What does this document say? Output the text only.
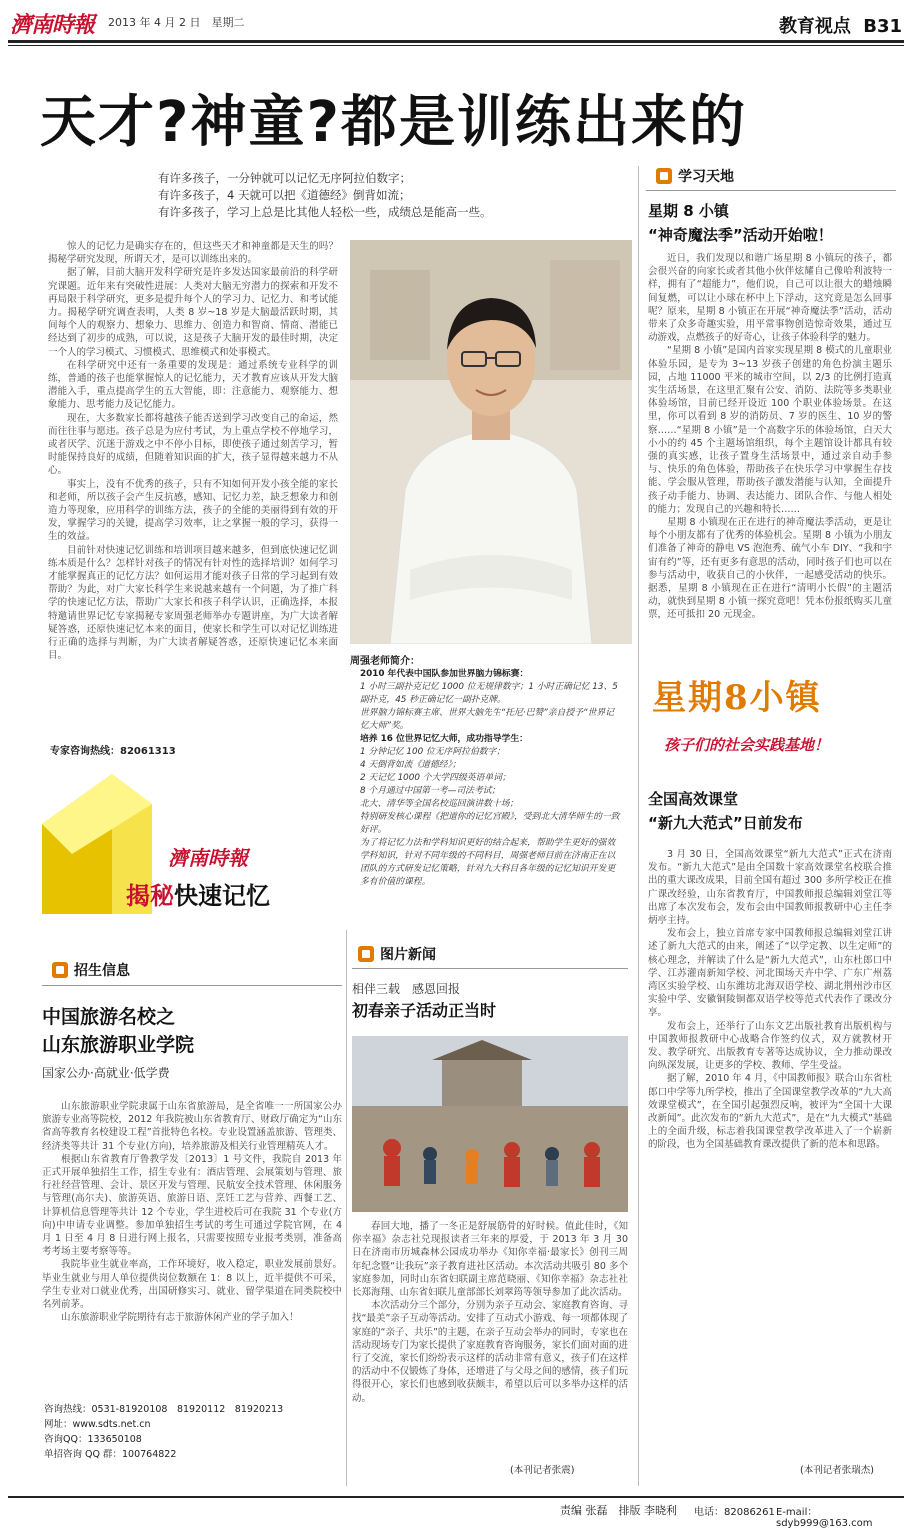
濟南時報	2013 年 4 月 2 日　星期二	教育视点 B31
天才?神童?都是训练出来的
有许多孩子，一分钟就可以记忆无序阿拉伯数字；
有许多孩子，4 天就可以把《道德经》倒背如流；
有许多孩子，学习上总是比其他人轻松一些，成绩总是能高一些。

惊人的记忆力是确实存在的，但这些天才和神童都是天生的吗？揭秘学研究发现，所谓天才，是可以训练出来的。

据了解，目前大脑开发科学研究是许多发达国家最前沿的科学研究课题。近年来有突破性进展：人类对大脑无穷潜力的探索和开发不再局限于科学研究，更多是提升每个人的学习力、记忆力、和考试能力。揭秘学研究调查表明，人类 8 岁~18 岁是大脑最活跃时期，其间每个人的观察力、想象力、思维力、创造力和智商、情商、潜能已经达到了初步的成熟，可以说，这是孩子大脑开发的最佳时期，决定一个人的学习模式、习惯模式、思维模式和处事模式。

在科学研究中还有一条重要的发现是：通过系统专业科学的训练，普通的孩子也能掌握惊人的记忆能力，天才教育应该从开发大脑潜能入手，重点提高学生的五大智能，即：注意能力、观察能力、想象能力、思考能力及记忆能力。

现在，大多数家长都将越孩子能否送到学习改变自己的命运，然而往往事与愿违。孩子总是为应付考试，为上重点学校不停地学习，或者厌学、沉迷于游戏之中不停小目标，即使孩子通过刻苦学习，暂时能保持良好的成绩，但随着知识面的扩大，孩子显得越来越力不从心。

事实上，没有不优秀的孩子，只有不知如何开发小孩全能的家长和老师，所以孩子会产生反抗感，感知、记忆力差，缺乏想象力和创造力等现象，应用科学的训练方法，孩子的全能的美丽得到有效的开发，掌握学习的关键，提高学习效率，让之掌握一般的学习，获得一生的效益。

目前针对快速记忆训练和培训项目越来越多，但到底快速记忆训练本质是什么？怎样针对孩子的情况有针对性的选择培训？如何学习才能掌握真正的记忆方法？如何运用才能对孩子日常的学习起到有效帮助？为此，对广大家长科学生来说越来越有一个问题，为了推广科学的快速记忆方法，帮助广大家长和孩子科学认识，正确选择，本报特邀请世界记忆专家揭秘专家周强老师举办专题讲座，为广大读者解疑答惑，还原快速记忆本来的面目，使家长和学生可以对记忆训练进行正确的选择与判断，为广大读者解疑答惑，还原快速记忆本来面目。

专家咨询热线：82061313
周强老师简介：
2010 年代表中国队参加世界脑力锦标赛：
1 小时三副扑克记忆 1000 位无规律数字；1 小时正确记忆 13、5 副扑克，45 秒正确记忆一副扑克牌。
世界脑力锦标赛主席、世界大脑先生“托尼·巴赞”亲自授予“世界记忆大师”奖。
培养 16 位世界记忆大师，成功指导学生：
1 分钟记忆 100 位无序阿拉伯数字；
4 天倒背如流《道德经》；
2 天记忆 1000 个大学四级英语单词；
8 个月通过中国第一考—司法考试；
北大、清华等全国名校巡回演讲数十场；
特别研发核心课程《把道你的记忆宫殿》，受到北大清华师生的一致好评。
为了将记忆力法和学科知识更好的结合起来，帮助学生更好的强效学科知识，针对不同年级的不同科目，周强老师目前在济南正在以团队的方式研发记忆策略，针对九大科目各年级的记忆知识开发更多有价值的课程。
濟南時報
揭秘快速记忆
招生信息
中国旅游名校之
山东旅游职业学院
国家公办·高就业·低学费

山东旅游职业学院隶属于山东省旅游局，是全省唯一一所国家公办旅游专业高等院校，2012 年我院被山东省教育厅、财政厅确定为“山东省高等教育名校建设工程”首批特色名校。专业设置涵盖旅游、管理类、经济类等共计 31 个专业(方向)，培养旅游及相关行业管理精英人才。

根据山东省教育厅鲁教学发〔2013〕1 号文件，我院自 2013 年正式开展单独招生工作，招生专业有：酒店管理、会展策划与管理、旅行社经营管理、会计、景区开发与管理、民航安全技术管理、休闲服务与管理(高尔夫)、旅游英语、旅游日语、烹饪工艺与营养、西餐工艺、计算机信息管理等共计 12 个专业，学生进校后可在我院 31 个专业(方向)中申请专业调整。参加单独招生考试的考生可通过学院官网，在 4 月 1 日至 4 月 8 日进行网上报名，只需要按照专业报考类别，准备高考考场主要考察等等。

我院毕业生就业率高，工作环境好，收入稳定，职业发展前景好。毕业生就业与用人单位提供岗位数额在 1：8 以上，近半提供不可采，学生专业对口就业优秀，出国研修实习、就业、留学渠道在同类院校中名列前茅。

山东旅游职业学院期待有志于旅游休闲产业的学子加入！

咨询热线：0531-81920108　81920112　81920213
网址：www.sdts.net.cn
咨询QQ：133650108
单招咨询 QQ 群：100764822
图片新闻
相伴三载　感恩回报
初春亲子活动正当时

春回大地，播了一冬正是舒展筋骨的好时候。值此佳时，《知你幸福》杂志社兑现报读者三年来的厚爱，于 2013 年 3 月 30 日在济南市历城森林公园成功举办《知你幸福·最家长》创刊三周年纪念暨“让我玩”亲子教育进社区活动。本次活动共吸引 80 多个家庭参加，同时山东省妇联副主席范晓丽、《知你幸福》杂志社社长郑海翔、山东省妇联儿童部部长刘翠筠等领导参加了此次活动。

本次活动分三个部分，分别为亲子互动会、家庭教育咨询、寻找“最美”亲子互动等活动。安排了互动式小游戏、每一项都体现了家庭的“亲子、共乐”的主题，在亲子互动会举办的同时，专家也在活动现场专门为家长提供了家庭教育咨询服务，家长们面对面的进行了交流，家长们纷纷表示这样的活动非常有意义，孩子们在这样的活动中不仅锻炼了身体，还增进了与父母之间的感情，孩子们玩得很开心，家长们也感到收获颇丰，希望以后可以多举办这样的活动。

(本刊记者张震)
学习天地
星期 8 小镇
“神奇魔法季”活动开始啦！

近日，我们发现以和谐广场星期 8 小镇玩的孩子，都会很兴奋的向家长或者其他小伙伴炫耀自己像哈利波特一样，拥有了“超能力”，他们说，自己可以让很大的蜡烛瞬间复燃，可以让小球在杯中上下浮动，这究竟是怎么回事呢？原来，星期 8 小镇正在开展“神奇魔法季”活动，活动带来了众多奇趣实验，用平常事物创造惊奇效果，通过互动游戏，点燃孩子的好奇心，让孩子体验科学的魅力。

“星期 8 小镇”是国内首家实现星期 8 模式的儿童职业体验乐园，是专为 3~13 岁孩子创建的角色扮演主题乐园，占地 11000 平米的城市空间，以 2/3 的比例打造真实生活场景，在这里汇聚有公安、消防、法院等多类职业体验场馆，目前已经开设近 100 个职业体验场景。在这里，你可以看到 8 岁的消防员、7 岁的医生、10 岁的警察……“星期 8 小镇”是一个高数字乐的体验场馆，白天大小小的约 45 个主题场馆组织，每个主题馆设计都具有较强的真实感，让孩子置身生活场景中，通过亲自动手参与、快乐的角色体验，帮助孩子在快乐学习中掌握生存技能、学会服从管理，帮助孩子激发潜能与认知，全面提升孩子动手能力、协调、表达能力、团队合作、与他人相处的能力；发现自己的兴趣和特长……

星期 8 小镇现在正在进行的神奇魔法季活动，更是让每个小朋友都有了优秀的体验机会。星期 8 小镇为小朋友们准备了神奇的静电 VS 泡泡秀、硫气小车 DIY、“我和宇宙有约”等，还有更多有意思的活动，同时孩子们也可以在参与活动中，收获自己的小伙伴，一起感受活动的快乐。据悉，星期 8 小镇现在正在进行“清明小长假”的主题活动，就快到星期 8 小镇一探究竟吧！凭本份报纸购买儿童票，还可抵扣 20 元现金。

星期8小镇
孩子们的社会实践基地！
全国高效课堂
“新九大范式”日前发布

3 月 30 日，全国高效课堂“新九大范式”正式在济南发布。“新九大范式”是由全国数十家高效课堂名校联合推出的重大课改成果，目前全国有超过 300 多所学校正在推广课改经验，山东省教育厅，中国教师报总编辑刘堂江等出席了本次发布会，发布会由中国教师报教研中心主任李炳亭主持。

发布会上，独立首席专家中国教师报总编辑刘堂江讲述了新九大范式的由来，阐述了“以学定教、以生定师”的核心理念，并解读了什么是“新九大范式”，山东杜郎口中学、江苏灌南新知学校、河北围场天卉中学、广东广州荔湾区实验学校、山东潍坊北海双语学校、湖北荆州沙市区实验中学、安徽铜陵铜都双语学校等范式代表作了课改分享。

发布会上，还举行了山东文艺出版社教育出版机构与中国教师报教研中心战略合作签约仪式，双方就教材开发、教学研究、出版教育专著等达成协议，全力推动课改向纵深发展，让更多的学校、教师、学生受益。

据了解，2010 年 4 月，《中国教师报》联合山东省杜郎口中学等九所学校，推出了全国课堂教学改革的“九大高效课堂模式”，在全国引起强烈反响，被评为“全国十大课改新闻”。此次发布的“新九大范式”，是在“九大模式”基础上的全面升级，标志着我国课堂教学改革进入了一个崭新的阶段，也为全国基础教育课改提供了新的范本和思路。

(本刊记者张瑞杰)
责编 张磊　排版 李晓利 电话：82086261 E-mail：sdyb999@163.com
